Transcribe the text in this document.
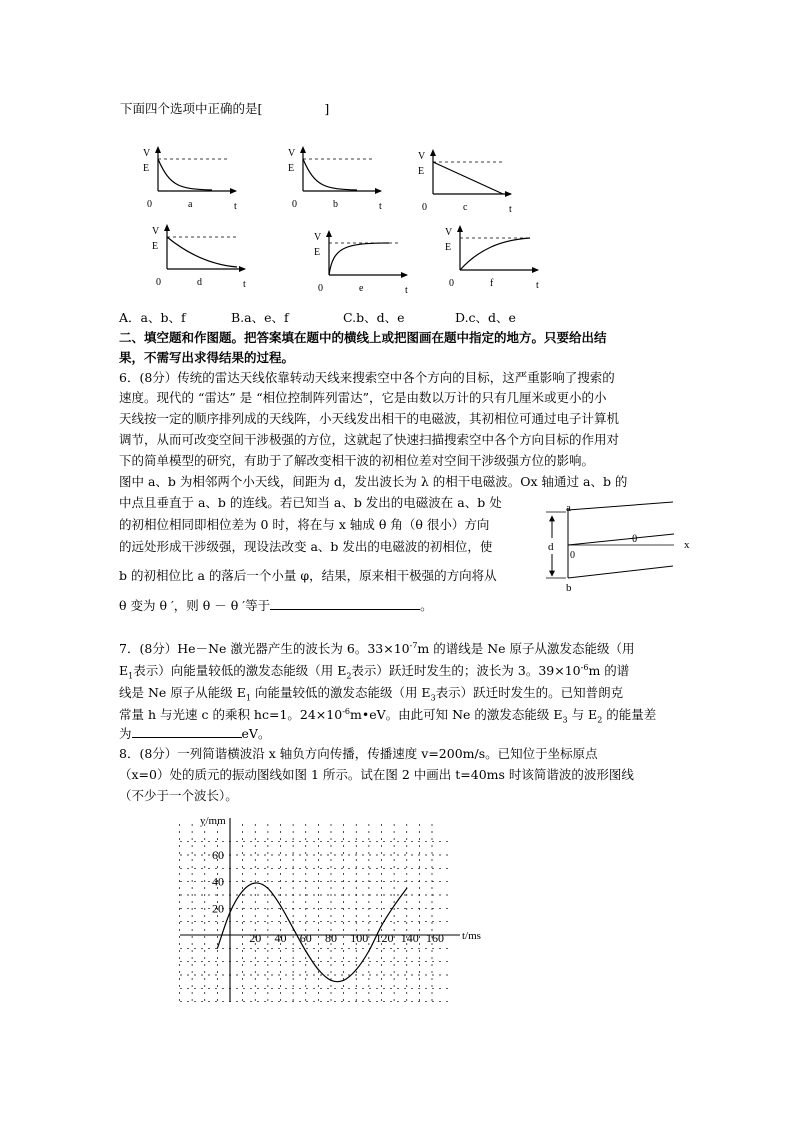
下面四个选项中正确的是[	]
V
E
0	a	t
V
E
0	b	t
V
E
0	c	t
V
E
0	d	t
V
E
0	e	t
V
E
0	f	t
A．a、b、f	B.a、e、f	C.b、d、e	D.c、d、e
二、填空题和作图题。把答案填在题中的横线上或把图画在题中指定的地方。只要给出结
果，不需写出求得结果的过程。
6．(8分）传统的雷达天线依靠转动天线来搜索空中各个方向的目标，这严重影响了搜索的
速度。现代的 “雷达” 是 “相位控制阵列雷达”，它是由数以万计的只有几厘米或更小的小
天线按一定的顺序排列成的天线阵，小天线发出相干的电磁波，其初相位可通过电子计算机
调节，从而可改变空间干涉极强的方位，这就起了快速扫描搜索空中各个方向目标的作用对
下的简单模型的研究，有助于了解改变相干波的初相位差对空间干涉级强方位的影响。
图中 a、b 为相邻两个小天线，间距为 d，发出波长为 λ 的相干电磁波。Ox 轴通过 a、b 的
中点且垂直于 a、b 的连线。若已知当 a、b 发出的电磁波在 a、b 处
的初相位相同即相位差为 0 时，将在与 x 轴成 θ 角（θ 很小）方向
的远处形成干涉级强，现设法改变 a、b 发出的电磁波的初相位，使
b 的初相位比 a 的落后一个小量 φ，结果，原来相干极强的方向将从
θ 变为 θ ′，则 θ － θ ′等于	。
a
b
d
0
θ	x
7．(8分）He－Ne 激光器产生的波长为 6。$33\times 10^{-7}m$ 的谱线是 Ne 原子从激发态能级（用
$E_1$表示）向能量较低的激发态能级（用 $E_2$表示）跃迁时发生的；波长为 3。$39\times 10^{-6}m$ 的谱
线是 Ne 原子从能级 $E_1$ 向能量较低的激发态能级（用 $E_3$表示）跃迁时发生的。已知普朗克
常量 h 与光速 c 的乘积 hc=1。$24\times 10^{-6}m•eV$。由此可知 Ne 的激发态能级 $E_3$ 与 $E_2$ 的能量差
为	eV。
8．(8分）一列简谐横波沿 x 轴负方向传播，传播速度 v=200m/s。已知位于坐标原点
（x=0）处的质元的振动图线如图 1 所示。试在图 2 中画出 t=40ms 时该简谐波的波形图线
（不少于一个波长）。
y/mm
t/ms
20 40 60 80 100 120 140 160
60
40
20
